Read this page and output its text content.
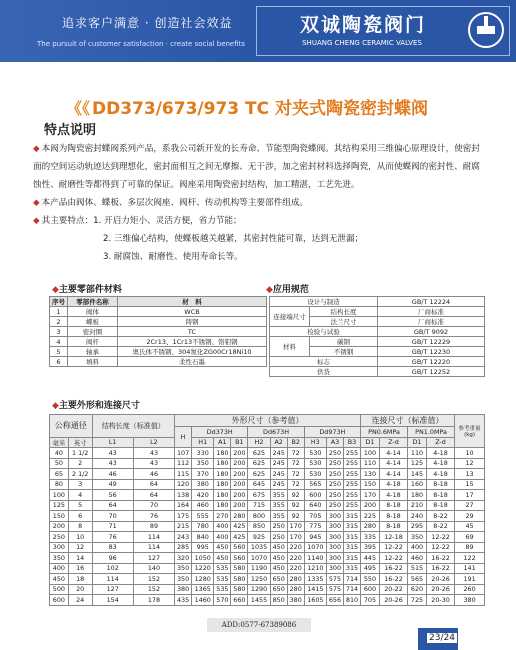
追求客户满意 · 创造社会效益
The pursuit of customer satisfaction · create social benefits
双诚陶瓷阀门
SHUANG CHENG CERAMIC VALVES
《《 DD373/673/973 TC 对夹式陶瓷密封蝶阀
特点说明
◆ 本阀为陶瓷密封蝶阀系列产品，系我公司新开发的长寿命、节能型陶瓷蝶阀。其结构采用三维偏心原理设计，使密封面的空间运动轨迹达到理想化，密封面相互之间无摩擦、无干涉，加之密封材料选择陶瓷，从而使蝶阀的密封性、耐腐蚀性、耐磨性等都得到了可靠的保证。阀座采用陶瓷密封结构，加工精湛，工艺先进。
◆ 本产品由阀体、蝶板、多层次阀座、阀杆、传动机构等主要部件组成。
◆ 其主要特点：1. 开启力矩小、灵活方便，省力节能；
2. 三维偏心结构，使蝶板越关越紧，其密封性能可靠，达到无泄漏；
3. 耐腐蚀、耐磨性、使用寿命长等。
◆主要零部件材料	◆应用规范
序号	零部件名称	材　料
1	阀体	WCB
2	蝶板	铸钢
3	密封圈	TC
4	阀杆	2Cr13、1Cr13不锈钢、铬钼钢
5	轴承	奥氏体不锈钢、304氮化ZG00Cr18Ni10
6	填料	柔性石墨
设计与制造		GB/T 12224
连接端尺寸	结构长度	厂商标准
	法兰尺寸	厂商标准
检验与试验		GB/T 9092
材料	碳钢	GB/T 12229
	不锈钢	GB/T 12230
标志		GB/T 12220
供货		GB/T 12252
◆主要外形和连接尺寸
公称通径		结构长度（标准值）		外形尺寸（参考值）										连接尺寸（标准值）				参考重量
(kg)
				H	Dd373H			Dd673H			Dd973H			PN0.6MPa		PN1.0MPa		
毫米	英寸	L1	L2		H1	A1	B1	H2	A2	B2	H3	A3	B3	D1	Z-d	D1	Z-d	
40	1 1/2	43	43	107	330	180	200	625	245	72	530	250	255	100	4-14	110	4-18	10
50	2	43	43	112	350	180	200	625	245	72	530	250	255	110	4-14	125	4-18	12
65	2 1/2	46	46	115	370	180	200	625	245	72	530	250	255	130	4-14	145	4-18	13
80	3	49	64	120	380	180	200	645	245	72	565	250	255	150	4-18	160	8-18	15
100	4	56	64	138	420	180	200	675	355	92	600	250	255	170	4-18	180	8-18	17
125	5	64	70	164	460	180	200	715	355	92	640	250	255	200	8-18	210	8-18	27
150	6	70	76	175	555	270	280	800	355	92	705	300	315	225	8-18	240	8-22	29
200	8	71	89	215	780	400	425	850	250	170	775	300	315	280	8-18	295	8-22	45
250	10	76	114	243	840	400	425	925	250	170	945	300	315	335	12-18	350	12-22	69
300	12	83	114	285	995	450	560	1035	450	220	1070	300	315	395	12-22	400	12-22	89
350	14	96	127	320	1050	450	560	1070	450	220	1140	300	315	445	12-22	460	16-22	122
400	16	102	140	350	1220	535	580	1190	450	220	1210	300	315	495	16-22	515	16-22	141
450	18	114	152	350	1280	535	580	1250	650	280	1335	575	714	550	16-22	565	20-26	191
500	20	127	152	380	1365	535	580	1290	650	280	1415	575	714	600	20-22	620	20-26	260
600	24	154	178	435	1460	570	660	1455	850	380	1605	656	810	705	20-26	725	20-30	380
ADD:0577-67389086
23/24
